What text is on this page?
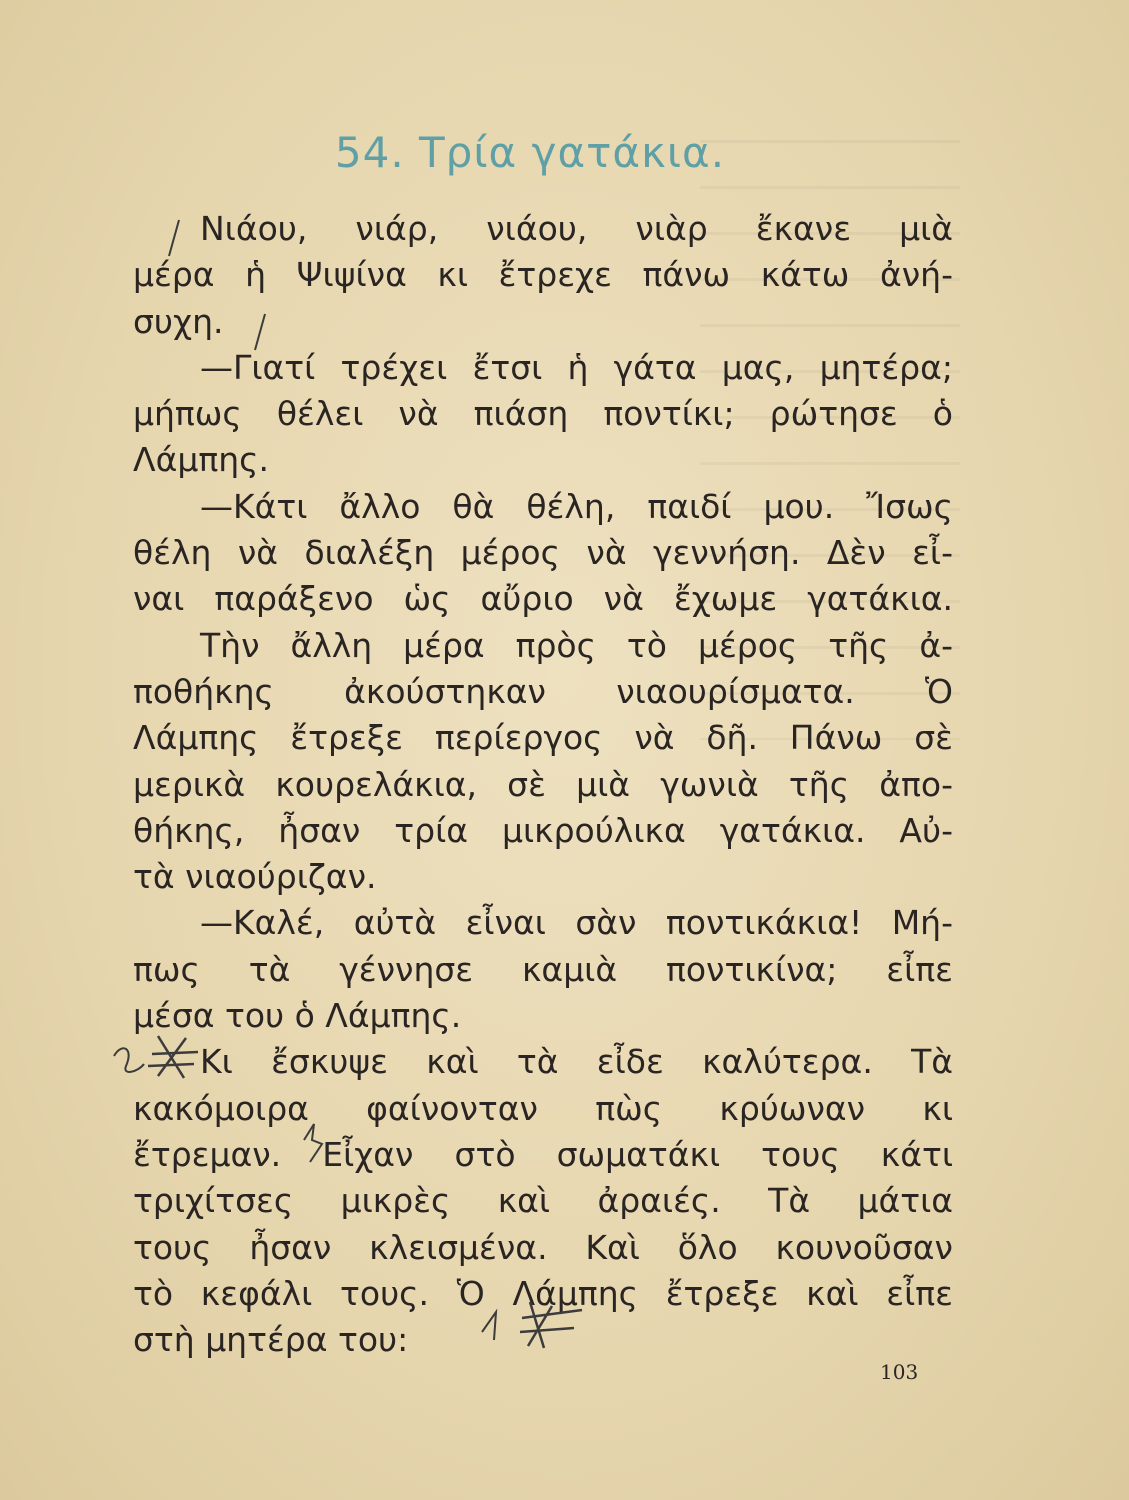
54. Τρία γατάκια.
Νιάου, νιάρ, νιάου, νιὰρ ἔκανε μιὰ
μέρα ἡ Ψιψίνα κι ἔτρεχε πάνω κάτω ἀνή-
συχη.
—Γιατί τρέχει ἔτσι ἡ γάτα μας, μητέρα;
μήπως θέλει νὰ πιάση ποντίκι; ρώτησε ὁ
Λάμπης.
—Κάτι ἄλλο θὰ θέλη, παιδί μου. Ἴσως
θέλη νὰ διαλέξη μέρος νὰ γεννήση. Δὲν εἶ-
ναι παράξενο ὡς αὔριο νὰ ἔχωμε γατάκια.
Τὴν ἄλλη μέρα πρὸς τὸ μέρος τῆς ἀ-
ποθήκης ἀκούστηκαν νιαουρίσματα. Ὁ
Λάμπης ἔτρεξε περίεργος νὰ δῆ. Πάνω σὲ
μερικὰ κουρελάκια, σὲ μιὰ γωνιὰ τῆς ἀπο-
θήκης, ἦσαν τρία μικρούλικα γατάκια. Αὐ-
τὰ νιαούριζαν.
—Καλέ, αὐτὰ εἶναι σὰν ποντικάκια! Μή-
πως τὰ γέννησε καμιὰ ποντικίνα; εἶπε
μέσα του ὁ Λάμπης.
Κι ἔσκυψε καὶ τὰ εἶδε καλύτερα. Τὰ
κακόμοιρα φαίνονταν πὼς κρύωναν κι
ἔτρεμαν. Εἶχαν στὸ σωματάκι τους κάτι
τριχίτσες μικρὲς καὶ ἀραιές. Τὰ μάτια
τους ἦσαν κλεισμένα. Καὶ ὅλο κουνοῦσαν
τὸ κεφάλι τους. Ὁ Λάμπης ἔτρεξε καὶ εἶπε
στὴ μητέρα του:
103
